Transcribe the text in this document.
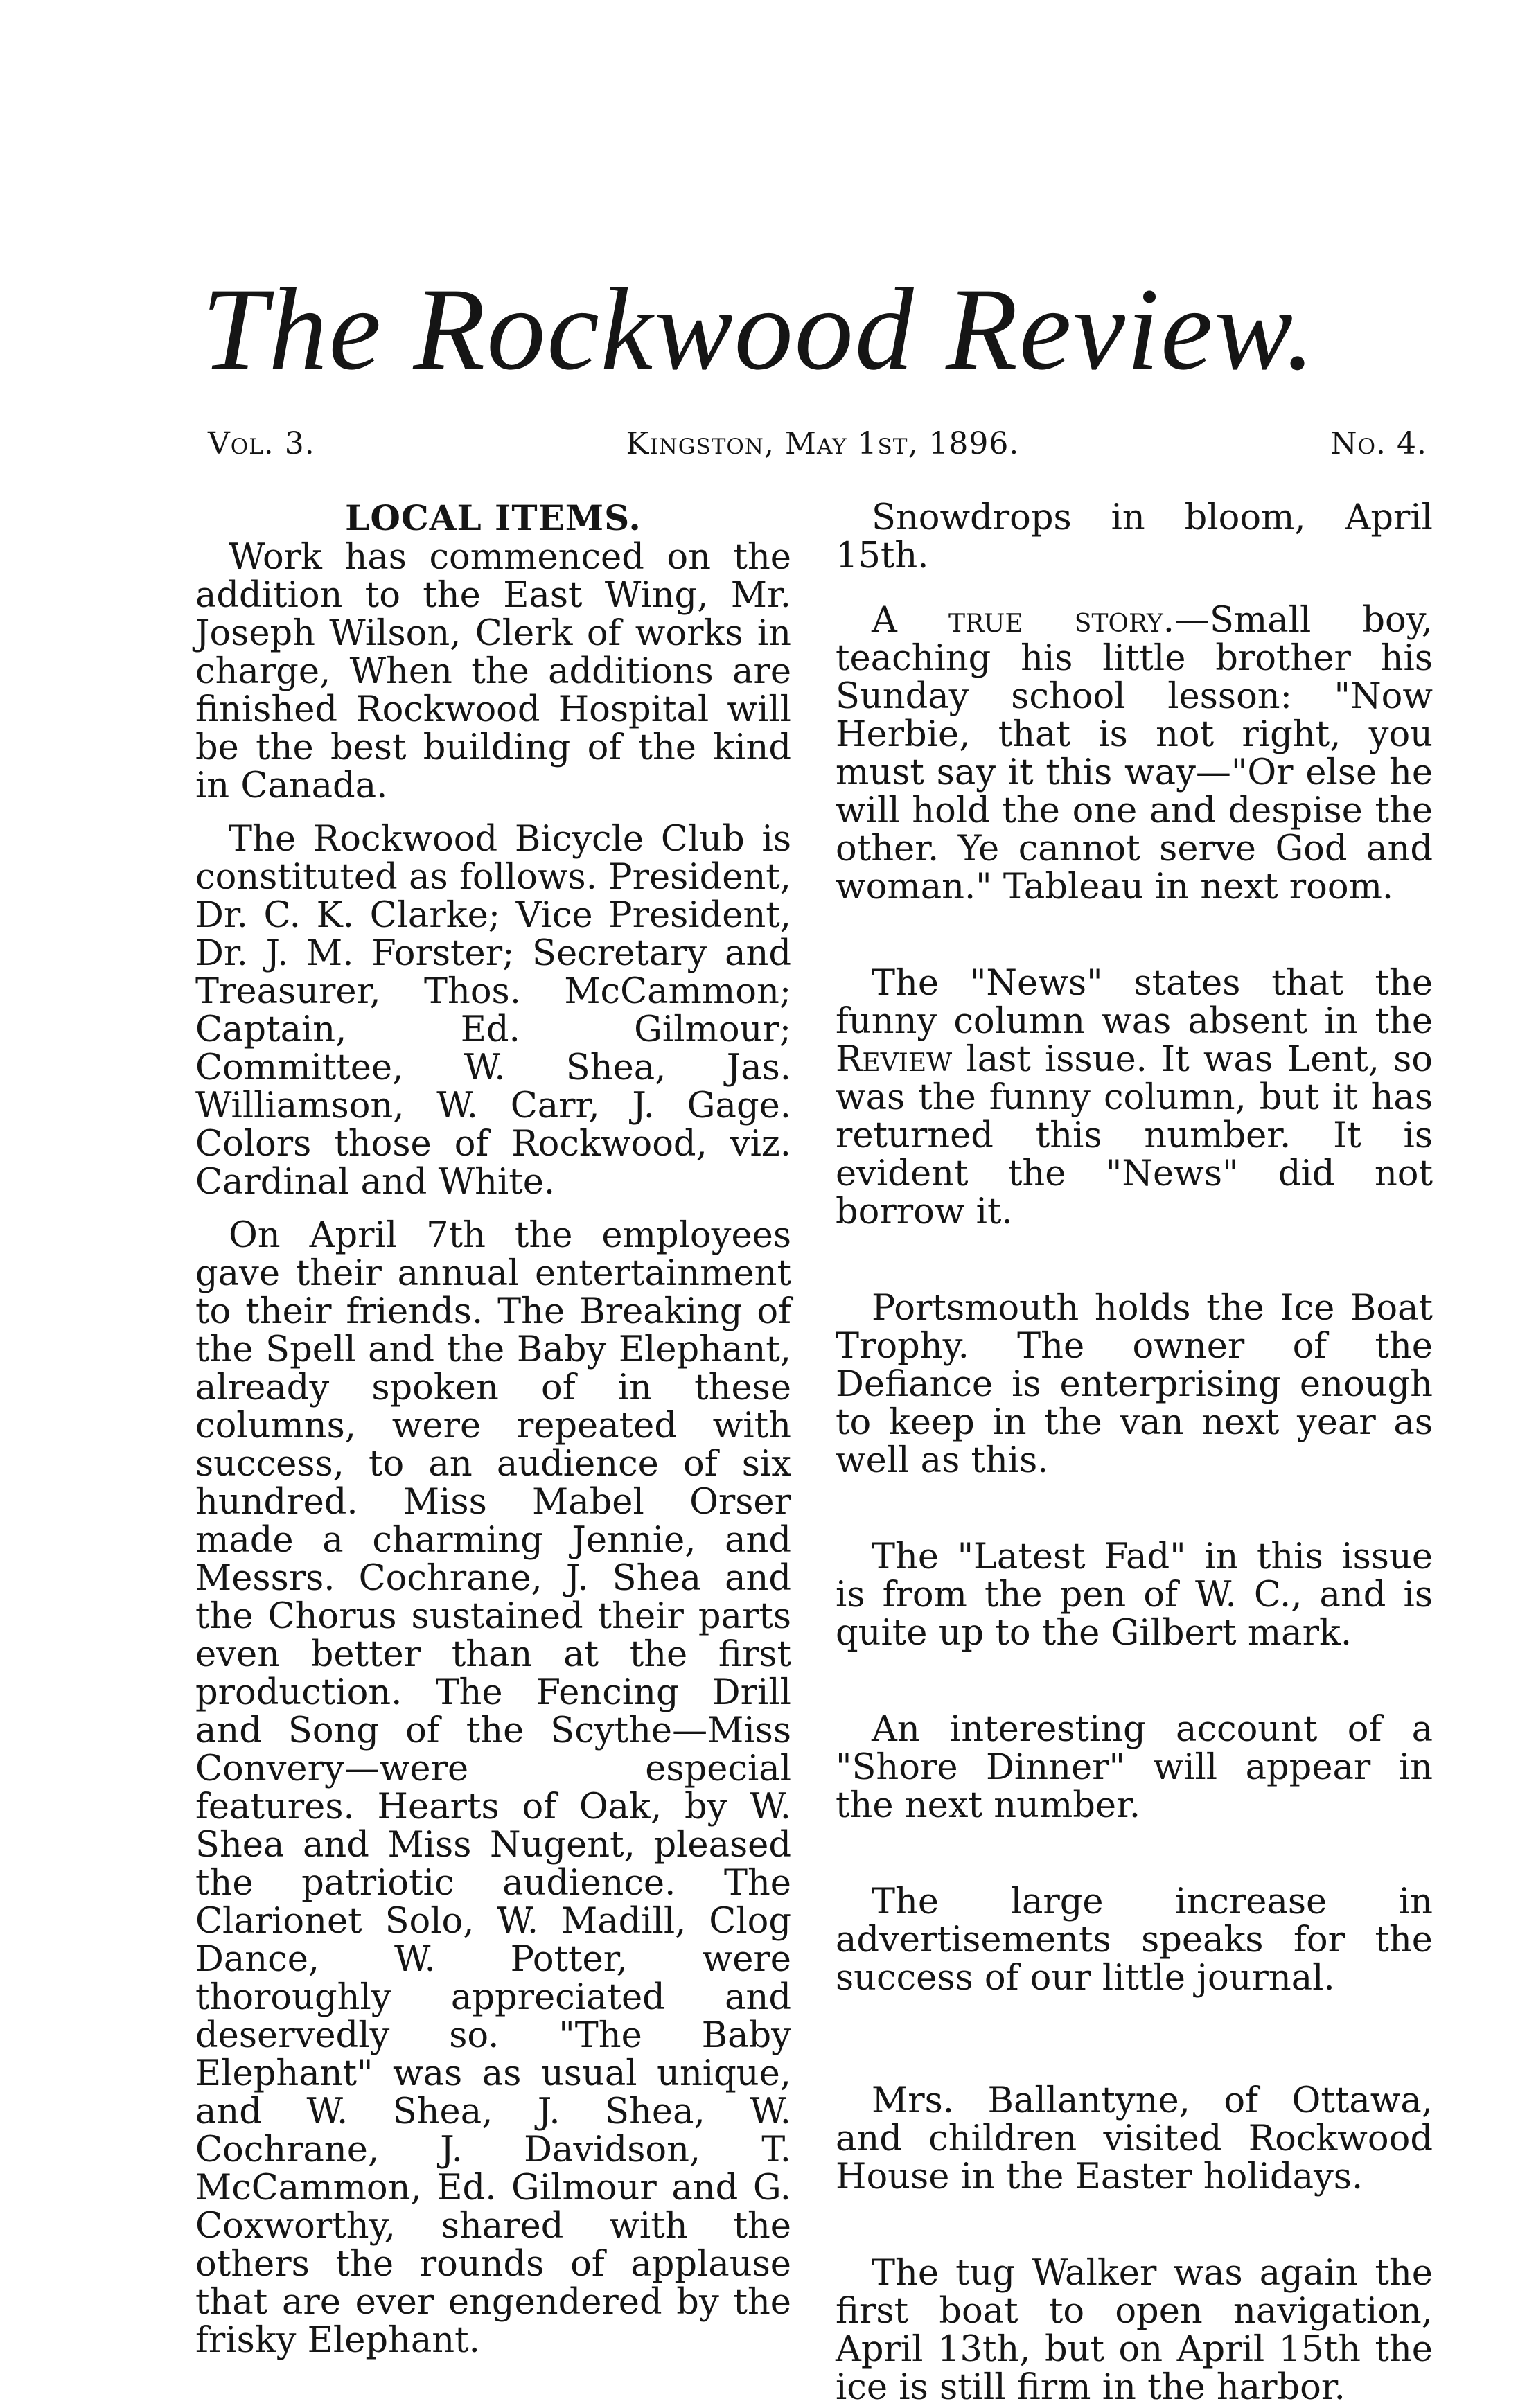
The Rockwood Review.
Vol. 3.	Kingston, May 1st, 1896.	No. 4.
LOCAL ITEMS.

Work has commenced on the addition to the East Wing, Mr. Joseph Wilson, Clerk of works in charge, When the additions are finished Rockwood Hospital will be the best building of the kind in Canada.

The Rockwood Bicycle Club is constituted as follows. President, Dr. C. K. Clarke; Vice President, Dr. J. M. Forster; Secretary and Treasurer, Thos. McCammon; Captain, Ed. Gilmour; Committee, W. Shea, Jas. Williamson, W. Carr, J. Gage. Colors those of Rockwood, viz. Cardinal and White.

On April 7th the employees gave their annual entertainment to their friends. The Breaking of the Spell and the Baby Elephant, already spoken of in these columns, were repeated with success, to an audience of six hundred. Miss Mabel Orser made a charming Jennie, and Messrs. Cochrane, J. Shea and the Chorus sustained their parts even better than at the first production. The Fencing Drill and Song of the Scythe—Miss Convery—were especial features. Hearts of Oak, by W. Shea and Miss Nugent, pleased the patriotic audience. The Clarionet Solo, W. Madill, Clog Dance, W. Potter, were thoroughly appreciated and deservedly so. "The Baby Elephant" was as usual unique, and W. Shea, J. Shea, W. Cochrane, J. Davidson, T. McCammon, Ed. Gilmour and G. Coxworthy, shared with the others the rounds of applause that are ever engendered by the frisky Elephant.

Snowdrops in bloom, April 15th.

A true story.—Small boy, teaching his little brother his Sunday school lesson: "Now Herbie, that is not right, you must say it this way—"Or else he will hold the one and despise the other. Ye cannot serve God and woman." Tableau in next room.

The "News" states that the funny column was absent in the Review last issue. It was Lent, so was the funny column, but it has returned this number. It is evident the "News" did not borrow it.

Portsmouth holds the Ice Boat Trophy. The owner of the Defiance is enterprising enough to keep in the van next year as well as this.

The "Latest Fad" in this issue is from the pen of W. C., and is quite up to the Gilbert mark.

An interesting account of a "Shore Dinner" will appear in the next number.

The large increase in advertisements speaks for the success of our little journal.

Mrs. Ballantyne, of Ottawa, and children visited Rockwood House in the Easter holidays.

The tug Walker was again the first boat to open navigation, April 13th, but on April 15th the ice is still firm in the harbor.
